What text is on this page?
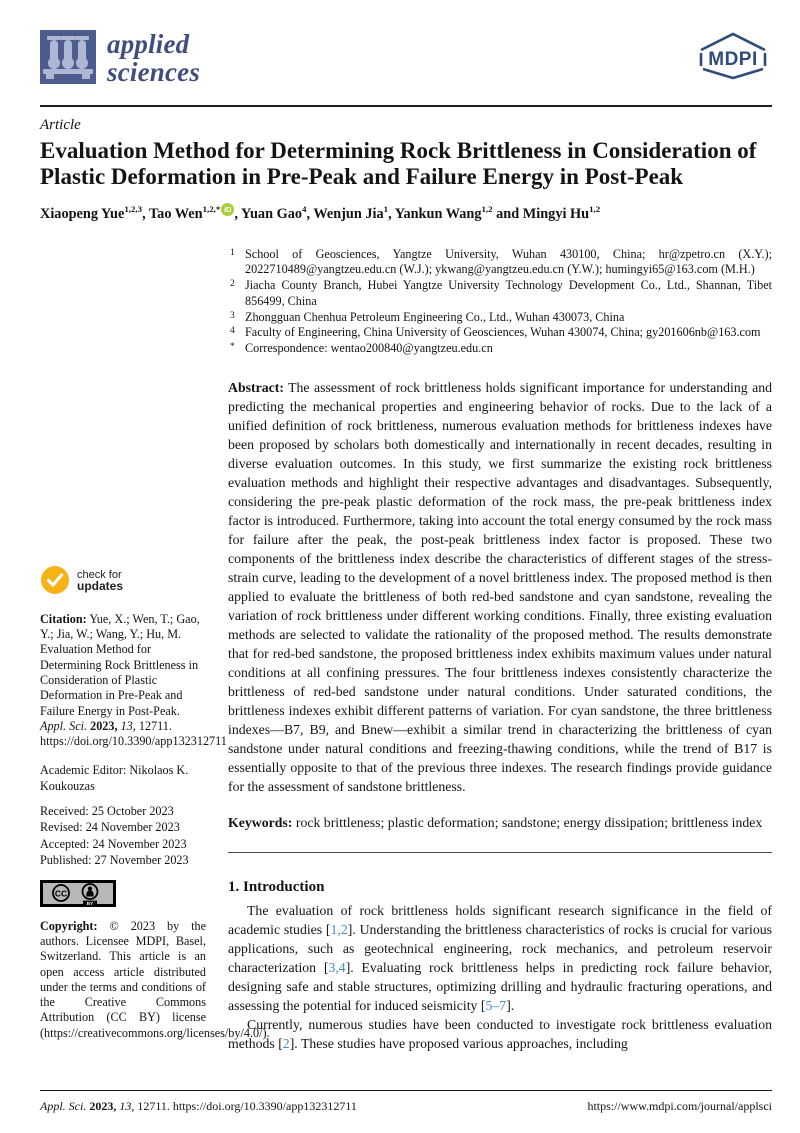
applied
sciences	MDPI
Article
Evaluation Method for Determining Rock Brittleness in Consideration of Plastic Deformation in Pre-Peak and Failure Energy in Post-Peak
Xiaopeng Yue$^{1,2,3}$, Tao Wen$^{1,2,*}$ iD , Yuan Gao$^4$, Wenjun Jia$^1$, Yankun Wang$^{1,2}$ and Mingyi Hu$^{1,2}$
check for
updates
Citation: Yue, X.; Wen, T.; Gao, Y.; Jia, W.; Wang, Y.; Hu, M. Evaluation Method for Determining Rock Brittleness in Consideration of Plastic Deformation in Pre-Peak and Failure Energy in Post-Peak. Appl. Sci. 2023, 13, 12711. https://doi.org/10.3390/app132312711
Academic Editor: Nikolaos K. Koukouzas
Received: 25 October 2023
Revised: 24 November 2023
Accepted: 24 November 2023
Published: 27 November 2023
CC
BY
Copyright: © 2023 by the authors. Licensee MDPI, Basel, Switzerland. This article is an open access article distributed under the terms and conditions of the Creative Commons Attribution (CC BY) license (https://creativecommons.org/licenses/by/4.0/).
1 School of Geosciences, Yangtze University, Wuhan 430100, China; hr@zpetro.cn (X.Y.); 2022710489@yangtzeu.edu.cn (W.J.); ykwang@yangtzeu.edu.cn (Y.W.); humingyi65@163.com (M.H.)
2 Jiacha County Branch, Hubei Yangtze University Technology Development Co., Ltd., Shannan, Tibet 856499, China
3 Zhongguan Chenhua Petroleum Engineering Co., Ltd., Wuhan 430073, China
4 Faculty of Engineering, China University of Geosciences, Wuhan 430074, China; gy201606nb@163.com
* Correspondence: wentao200840@yangtzeu.edu.cn
Abstract: The assessment of rock brittleness holds significant importance for understanding and predicting the mechanical properties and engineering behavior of rocks. Due to the lack of a unified definition of rock brittleness, numerous evaluation methods for brittleness indexes have been proposed by scholars both domestically and internationally in recent decades, resulting in diverse evaluation outcomes. In this study, we first summarize the existing rock brittleness evaluation methods and highlight their respective advantages and disadvantages. Subsequently, considering the pre-peak plastic deformation of the rock mass, the pre-peak brittleness index factor is introduced. Furthermore, taking into account the total energy consumed by the rock mass for failure after the peak, the post-peak brittleness index factor is proposed. These two components of the brittleness index describe the characteristics of different stages of the stress-strain curve, leading to the development of a novel brittleness index. The proposed method is then applied to evaluate the brittleness of both red-bed sandstone and cyan sandstone, revealing the variation of rock brittleness under different working conditions. Finally, three existing evaluation methods are selected to validate the rationality of the proposed method. The results demonstrate that for red-bed sandstone, the proposed brittleness index exhibits maximum values under natural conditions at all confining pressures. The four brittleness indexes consistently characterize the brittleness of red-bed sandstone under natural conditions. Under saturated conditions, the brittleness indexes exhibit different patterns of variation. For cyan sandstone, the three brittleness indexes—B7, B9, and Bnew—exhibit a similar trend in characterizing the brittleness of cyan sandstone under natural conditions and freezing-thawing conditions, while the trend of B17 is essentially opposite to that of the previous three indexes. The research findings provide guidance for the assessment of sandstone brittleness.
Keywords: rock brittleness; plastic deformation; sandstone; energy dissipation; brittleness index
1. Introduction

The evaluation of rock brittleness holds significant research significance in the field of academic studies [1,2]. Understanding the brittleness characteristics of rocks is crucial for various applications, such as geotechnical engineering, rock mechanics, and petroleum reservoir characterization [3,4]. Evaluating rock brittleness helps in predicting rock failure behavior, designing safe and stable structures, optimizing drilling and hydraulic fracturing operations, and assessing the potential for induced seismicity [5–7].

Currently, numerous studies have been conducted to investigate rock brittleness evaluation methods [2]. These studies have proposed various approaches, including

Appl. Sci. 2023, 13, 12711. https://doi.org/10.3390/app132312711	https://www.mdpi.com/journal/applsci
